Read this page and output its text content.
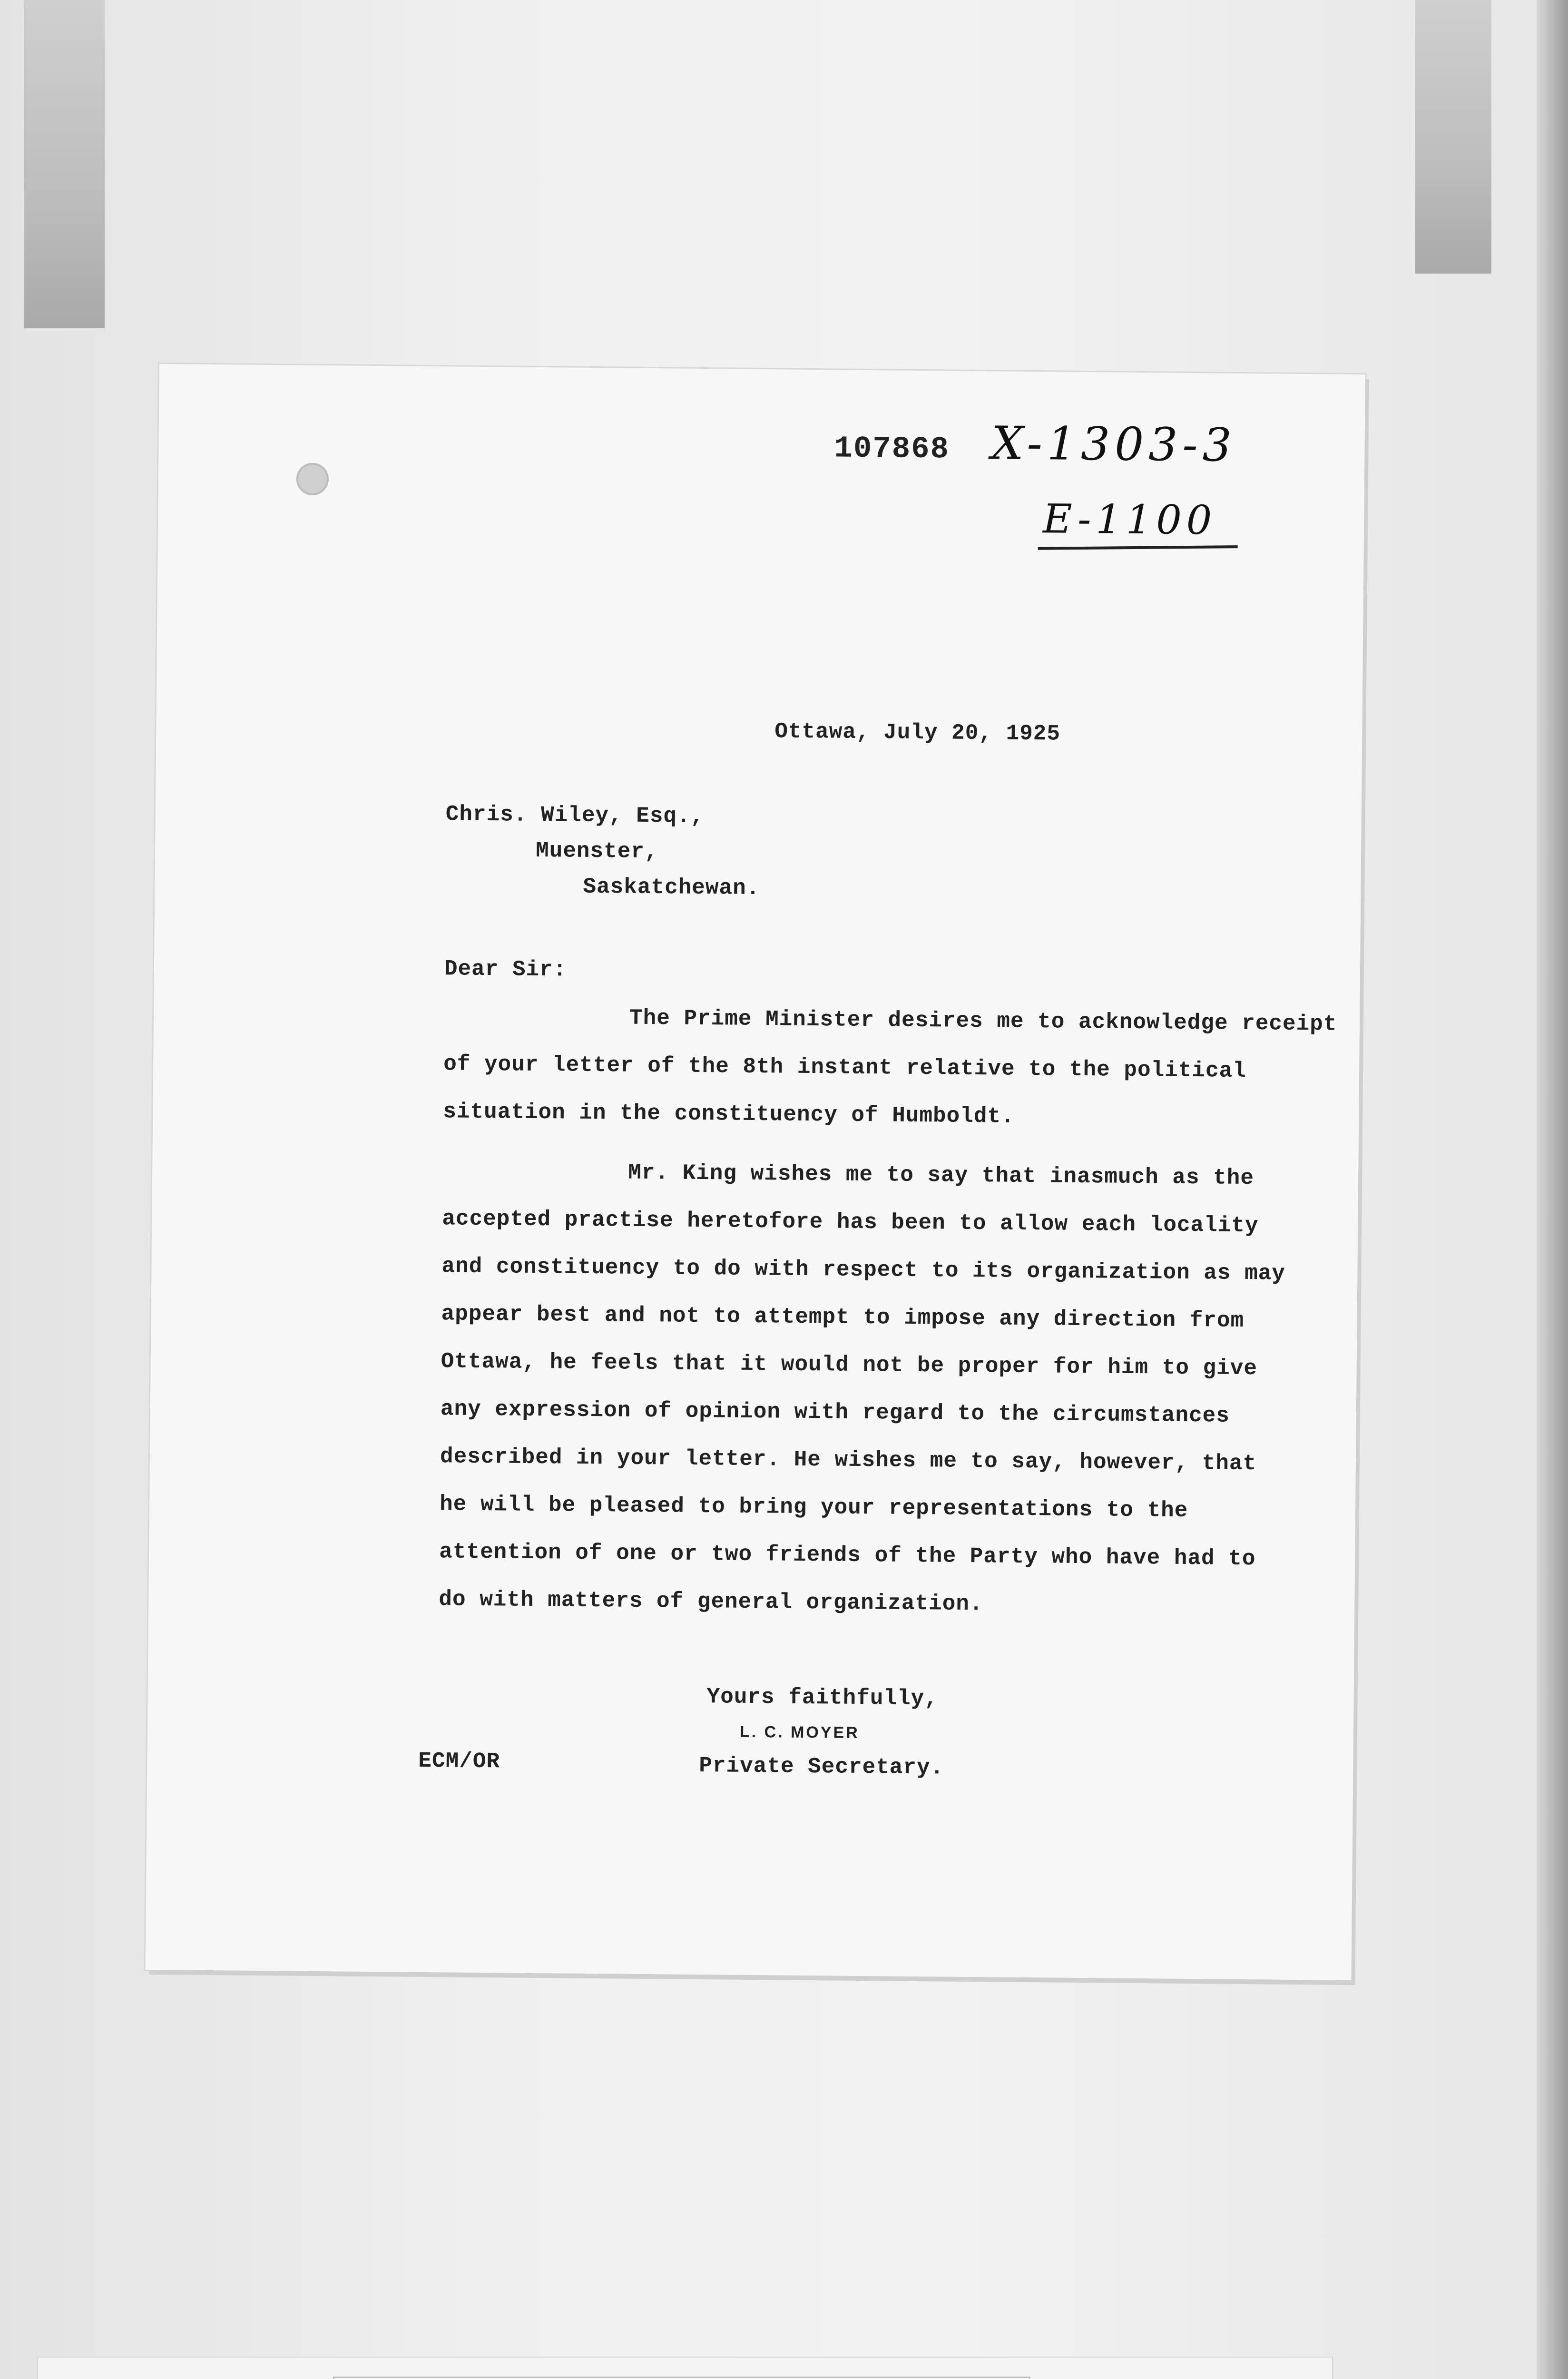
107868 X-1303-3
E-1100
Ottawa, July 20, 1925
Chris. Wiley, Esq.,
Muenster,
Saskatchewan.
Dear Sir:
The Prime Minister desires me to acknowledge receipt
of your letter of the 8th instant relative to the political
situation in the constituency of Humboldt.
Mr. King wishes me to say that inasmuch as the
accepted practise heretofore has been to allow each locality
and constituency to do with respect to its organization as may
appear best and not to attempt to impose any direction from
Ottawa, he feels that it would not be proper for him to give
any expression of opinion with regard to the circumstances
described in your letter. He wishes me to say, however, that
he will be pleased to bring your representations to the
attention of one or two friends of the Party who have had to
do with matters of general organization.
Yours faithfully,
L. C. MOYER
ECM/OR	Private Secretary.
